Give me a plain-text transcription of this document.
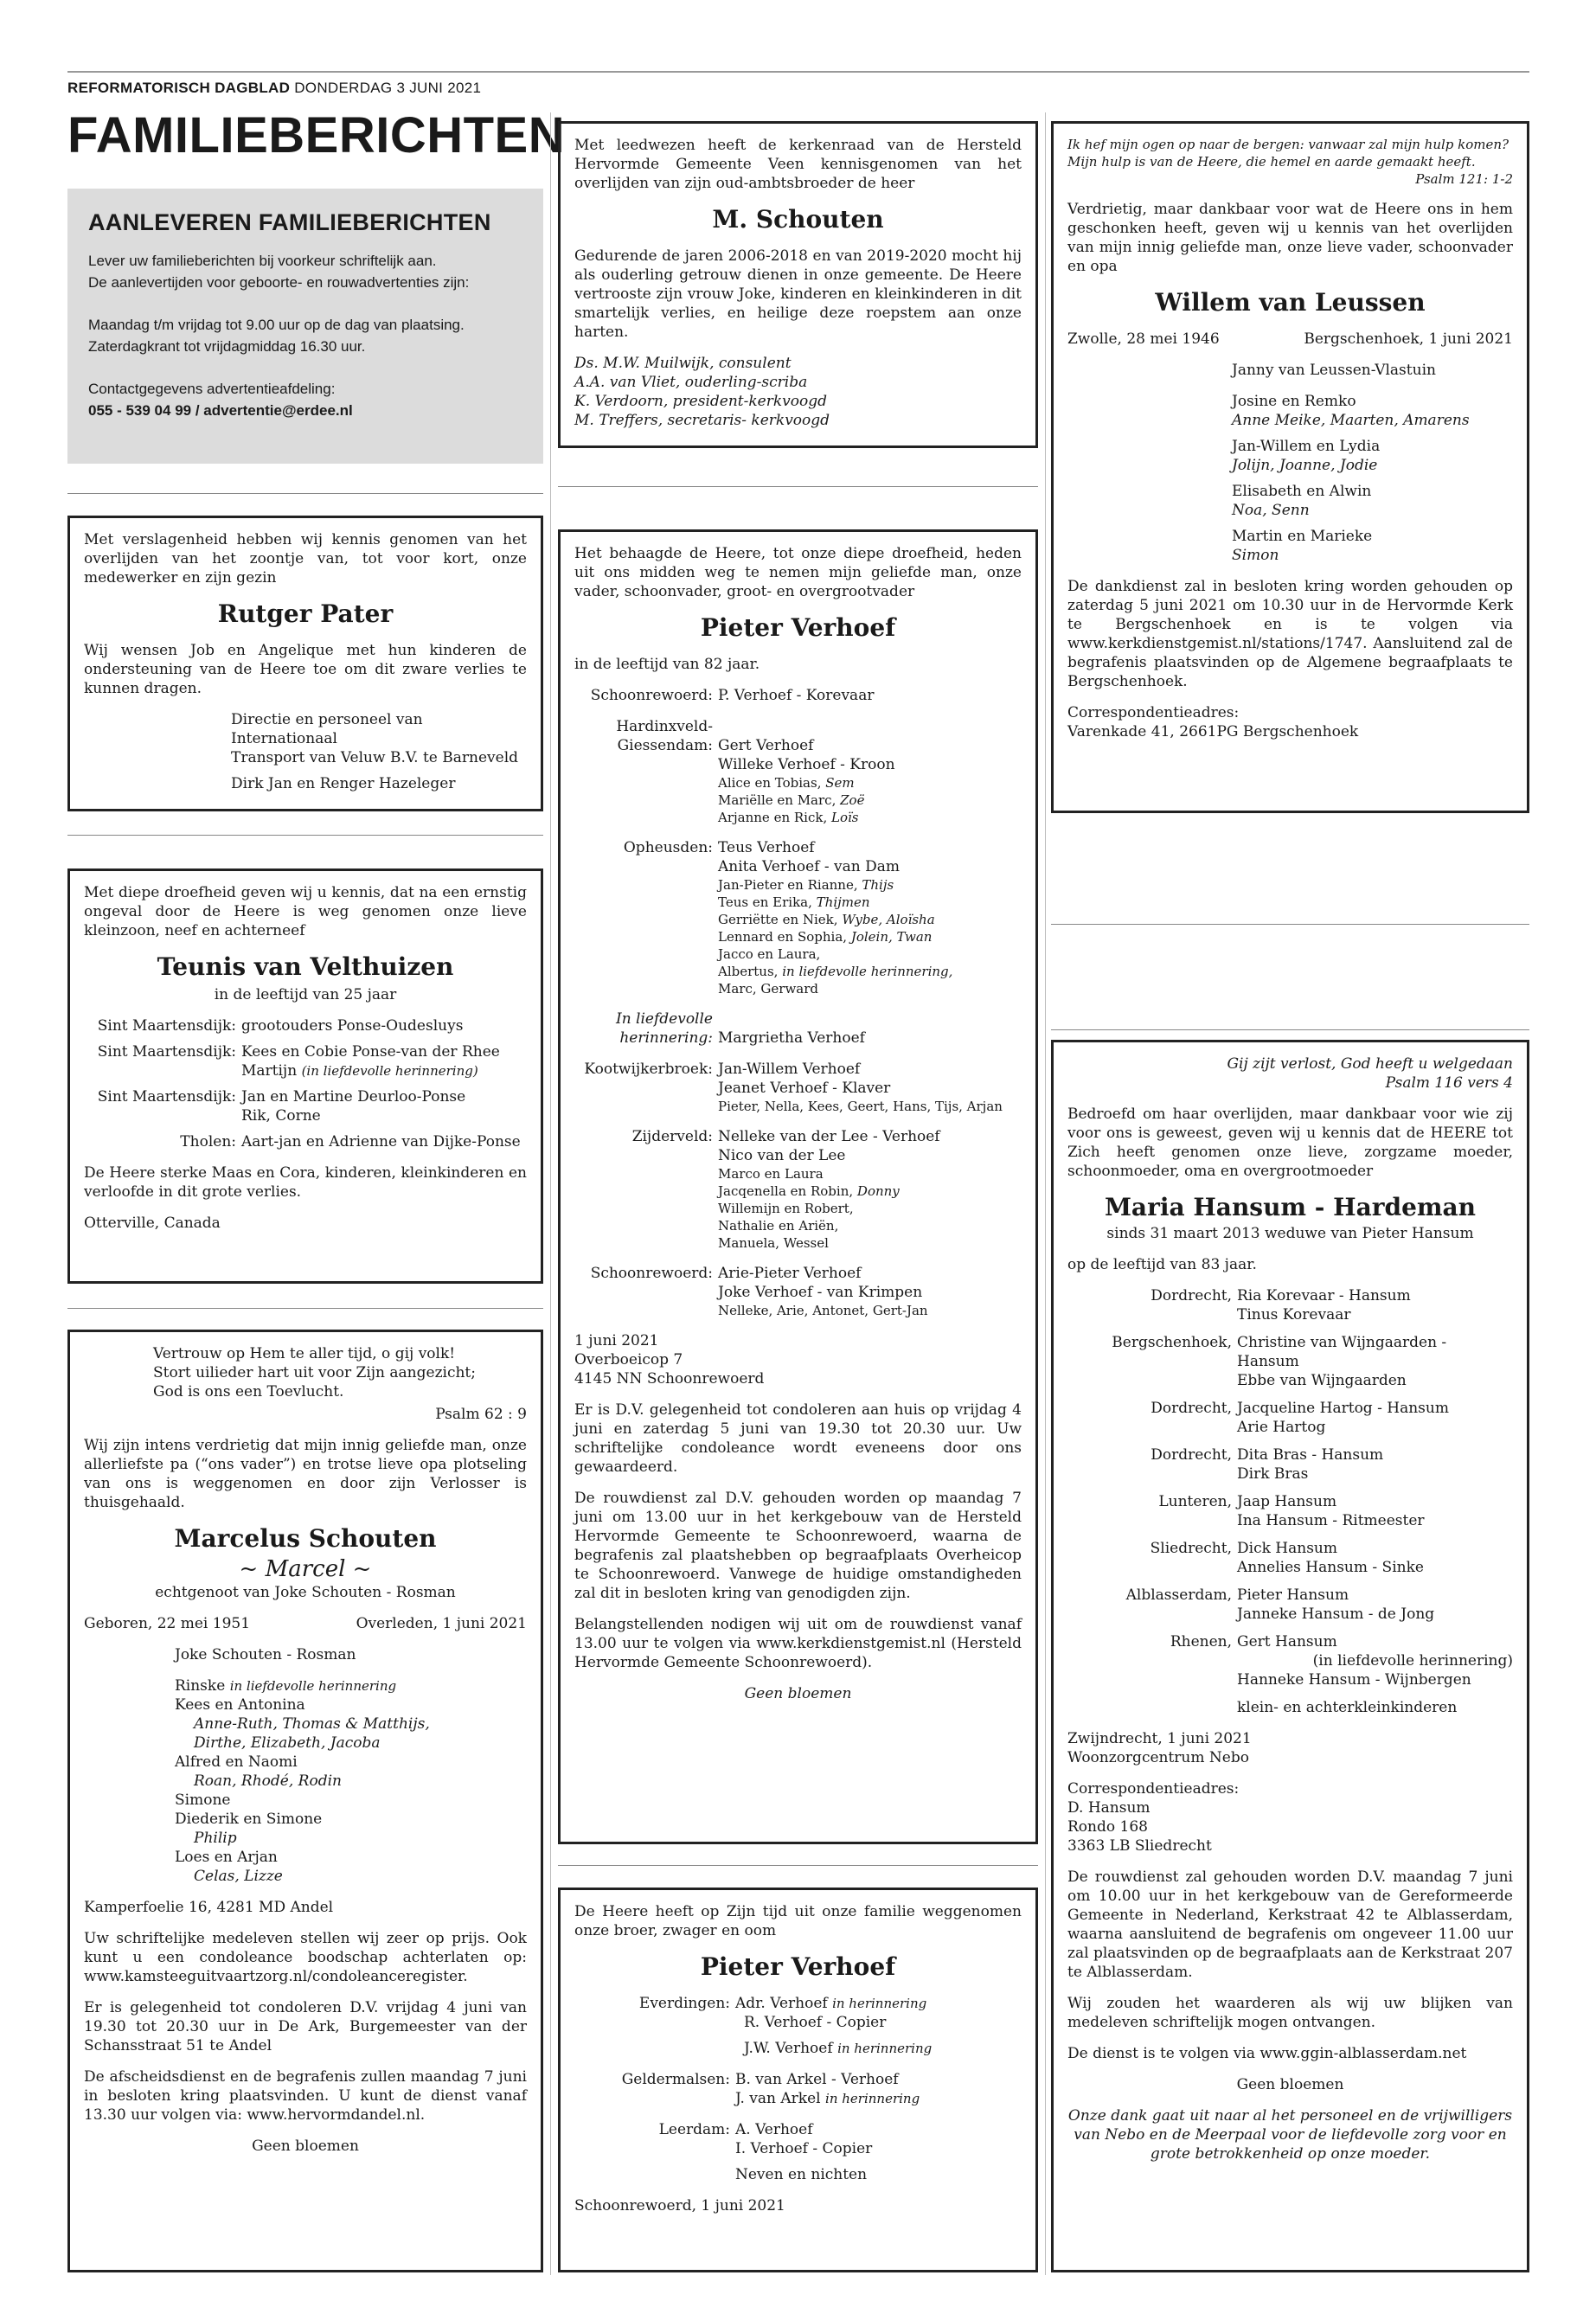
REFORMATORISCH DAGBLAD DONDERDAG 3 JUNI 2021
FAMILIEBERICHTEN
AANLEVEREN FAMILIEBERICHTEN

Lever uw familieberichten bij voorkeur schriftelijk aan.

De aanlevertijden voor geboorte- en rouwadvertenties zijn:

Maandag t/m vrijdag tot 9.00 uur op de dag van plaatsing.

Zaterdagkrant tot vrijdagmiddag 16.30 uur.

Contactgegevens advertentieafdeling:

055 - 539 04 99 / advertentie@erdee.nl

Met verslagenheid hebben wij kennis genomen van het overlijden van het zoontje van, tot voor kort, onze medewerker en zijn gezin

Rutger Pater

Wij wensen Job en Angelique met hun kinderen de ondersteuning van de Heere toe om dit zware verlies te kunnen dragen.

Directie en personeel van Internationaal

Transport van Veluw B.V. te Barneveld

Dirk Jan en Renger Hazeleger

Met diepe droefheid geven wij u kennis, dat na een ernstig ongeval door de Heere is weg genomen onze lieve kleinzoon, neef en achterneef

Teunis van Velthuizen

in de leeftijd van 25 jaar

Sint Maartensdijk: grootouders Ponse-Oudesluys
Sint Maartensdijk: Kees en Cobie Ponse-van der Rhee
Martijn (in liefdevolle herinnering)
Sint Maartensdijk: Jan en Martine Deurloo-Ponse
Rik, Corne
Tholen: Aart-jan en Adrienne van Dijke-Ponse

De Heere sterke Maas en Cora, kinderen, kleinkinderen en verloofde in dit grote verlies.

Otterville, Canada

Vertrouw op Hem te aller tijd, o gij volk!

Stort uilieder hart uit voor Zijn aangezicht;

God is ons een Toevlucht.

Psalm 62 : 9

Wij zijn intens verdrietig dat mijn innig geliefde man, onze allerliefste pa (“ons vader”) en trotse lieve opa plotseling van ons is weggenomen en door zijn Verlosser is thuisgehaald.

Marcelus Schouten

~ Marcel ~

echtgenoot van Joke Schouten - Rosman

Geboren, 22 mei 1951	Overleden, 1 juni 2021

Joke Schouten - Rosman

Rinske in liefdevolle herinnering

Kees en Antonina

Anne-Ruth, Thomas & Matthijs,

Dirthe, Elizabeth, Jacoba

Alfred en Naomi

Roan, Rhodé, Rodin

Simone

Diederik en Simone

Philip

Loes en Arjan

Celas, Lizze

Kamperfoelie 16, 4281 MD Andel

Uw schriftelijke medeleven stellen wij zeer op prijs. Ook kunt u een condoleance boodschap achterlaten op: www.kamsteeguitvaartzorg.nl/condoleanceregister.

Er is gelegenheid tot condoleren D.V. vrijdag 4 juni van 19.30 tot 20.30 uur in De Ark, Burgemeester van der Schansstraat 51 te Andel

De afscheidsdienst en de begrafenis zullen maandag 7 juni in besloten kring plaatsvinden. U kunt de dienst vanaf 13.30 uur volgen via: www.hervormdandel.nl.

Geen bloemen

Met leedwezen heeft de kerkenraad van de Hersteld Hervormde Gemeente Veen kennisgenomen van het overlijden van zijn oud-ambtsbroeder de heer

M. Schouten

Gedurende de jaren 2006-2018 en van 2019-2020 mocht hij als ouderling getrouw dienen in onze gemeente. De Heere vertrooste zijn vrouw Joke, kinderen en kleinkinderen in dit smartelijk verlies, en heilige deze roepstem aan onze harten.

Ds. M.W. Muilwijk, consulent

A.A. van Vliet, ouderling-scriba

K. Verdoorn, president-kerkvoogd

M. Treffers, secretaris- kerkvoogd

Het behaagde de Heere, tot onze diepe droefheid, heden uit ons midden weg te nemen mijn geliefde man, onze vader, schoonvader, groot- en overgrootvader

Pieter Verhoef

in de leeftijd van 82 jaar.

Schoonrewoerd: P. Verhoef - Korevaar
Hardinxveld-
Giessendam: Gert Verhoef
Willeke Verhoef - Kroon
Alice en Tobias, Sem
Mariëlle en Marc, Zoë
Arjanne en Rick, Loïs
Opheusden: Teus Verhoef
Anita Verhoef - van Dam
Jan-Pieter en Rianne, Thijs
Teus en Erika, Thijmen
Gerriëtte en Niek, Wybe, Aloïsha
Lennard en Sophia, Jolein, Twan
Jacco en Laura,
Albertus, in liefdevolle herinnering,
Marc, Gerward
In liefdevolle
herinnering: Margrietha Verhoef
Kootwijkerbroek: Jan-Willem Verhoef
Jeanet Verhoef - Klaver
Pieter, Nella, Kees, Geert, Hans, Tijs, Arjan
Zijderveld: Nelleke van der Lee - Verhoef
Nico van der Lee
Marco en Laura
Jacqenella en Robin, Donny
Willemijn en Robert,
Nathalie en Ariën,
Manuela, Wessel
Schoonrewoerd: Arie-Pieter Verhoef
Joke Verhoef - van Krimpen
Nelleke, Arie, Antonet, Gert-Jan

1 juni 2021

Overboeicop 7

4145 NN Schoonrewoerd

Er is D.V. gelegenheid tot condoleren aan huis op vrijdag 4 juni en zaterdag 5 juni van 19.30 tot 20.30 uur. Uw schriftelijke condoleance wordt eveneens door ons gewaardeerd.

De rouwdienst zal D.V. gehouden worden op maandag 7 juni om 13.00 uur in het kerkgebouw van de Hersteld Hervormde Gemeente te Schoonrewoerd, waarna de begrafenis zal plaatshebben op begraafplaats Overheicop te Schoonrewoerd. Vanwege de huidige omstandigheden zal dit in besloten kring van genodigden zijn.

Belangstellenden nodigen wij uit om de rouwdienst vanaf 13.00 uur te volgen via www.kerkdienstgemist.nl (Hersteld Hervormde Gemeente Schoonrewoerd).

Geen bloemen

De Heere heeft op Zijn tijd uit onze familie weggenomen onze broer, zwager en oom

Pieter Verhoef

Everdingen: Adr. Verhoef in herinnering
R. Verhoef - Copier
J.W. Verhoef in herinnering
Geldermalsen: B. van Arkel - Verhoef
J. van Arkel in herinnering
Leerdam: A. Verhoef
I. Verhoef - Copier
Neven en nichten

Schoonrewoerd, 1 juni 2021

Ik hef mijn ogen op naar de bergen: vanwaar zal mijn hulp komen?

Mijn hulp is van de Heere, die hemel en aarde gemaakt heeft.

Psalm 121: 1-2

Verdrietig, maar dankbaar voor wat de Heere ons in hem geschonken heeft, geven wij u kennis van het overlijden van mijn innig geliefde man, onze lieve vader, schoonvader en opa

Willem van Leussen

Zwolle, 28 mei 1946	Bergschenhoek, 1 juni 2021

Janny van Leussen-Vlastuin

Josine en Remko

Anne Meike, Maarten, Amarens

Jan-Willem en Lydia

Jolijn, Joanne, Jodie

Elisabeth en Alwin

Noa, Senn

Martin en Marieke

Simon

De dankdienst zal in besloten kring worden gehouden op zaterdag 5 juni 2021 om 10.30 uur in de Hervormde Kerk te Bergschenhoek en is te volgen via www.kerkdienstgemist.nl/stations/1747. Aansluitend zal de begrafenis plaatsvinden op de Algemene begraafplaats te Bergschenhoek.

Correspondentieadres:

Varenkade 41, 2661PG Bergschenhoek

Gij zijt verlost, God heeft u welgedaan

Psalm 116 vers 4

Bedroefd om haar overlijden, maar dankbaar voor wie zij voor ons is geweest, geven wij u kennis dat de HEERE tot Zich heeft genomen onze lieve, zorgzame moeder, schoonmoeder, oma en overgrootmoeder

Maria Hansum - Hardeman

sinds 31 maart 2013 weduwe van Pieter Hansum

op de leeftijd van 83 jaar.

Dordrecht, Ria Korevaar - Hansum
Tinus Korevaar
Bergschenhoek, Christine van Wijngaarden - Hansum
Ebbe van Wijngaarden
Dordrecht, Jacqueline Hartog - Hansum
Arie Hartog
Dordrecht, Dita Bras - Hansum
Dirk Bras
Lunteren, Jaap Hansum
Ina Hansum - Ritmeester
Sliedrecht, Dick Hansum
Annelies Hansum - Sinke
Alblasserdam, Pieter Hansum
Janneke Hansum - de Jong
Rhenen, Gert Hansum
(in liefdevolle herinnering)
Hanneke Hansum - Wijnbergen
klein- en achterkleinkinderen

Zwijndrecht, 1 juni 2021

Woonzorgcentrum Nebo

Correspondentieadres:

D. Hansum

Rondo 168

3363 LB Sliedrecht

De rouwdienst zal gehouden worden D.V. maandag 7 juni om 10.00 uur in het kerkgebouw van de Gereformeerde Gemeente in Nederland, Kerkstraat 42 te Alblasserdam, waarna aansluitend de begrafenis om ongeveer 11.00 uur zal plaatsvinden op de begraafplaats aan de Kerkstraat 207 te Alblasserdam.

Wij zouden het waarderen als wij uw blijken van medeleven schriftelijk mogen ontvangen.

De dienst is te volgen via www.ggin-alblasserdam.net

Geen bloemen

Onze dank gaat uit naar al het personeel en de vrijwilligers van Nebo en de Meerpaal voor de liefdevolle zorg voor en grote betrokkenheid op onze moeder.
